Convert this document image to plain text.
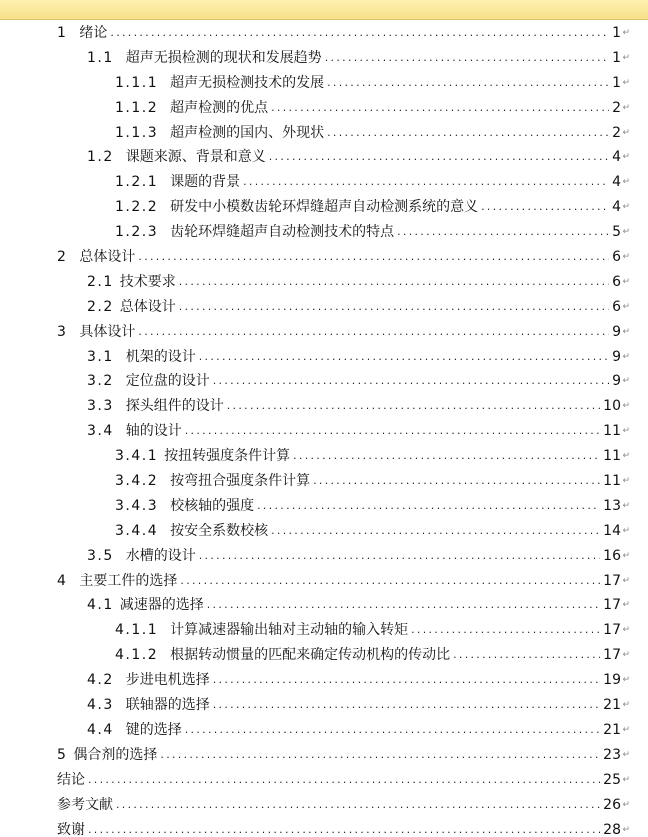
1 绪论 . . .	1 ↵
1.1 超声无损检测的现状和发展趋势 . . .	1 ↵
1.1.1 超声无损检测技术的发展 . . .	1 ↵
1.1.2 超声检测的优点 . . .	2 ↵
1.1.3 超声检测的国内、外现状 . . .	2 ↵
1.2 课题来源、背景和意义 . . .	4 ↵
1.2.1 课题的背景 . . .	4 ↵
1.2.2 研发中小模数齿轮环焊缝超声自动检测系统的意义 . . .	4 ↵
1.2.3 齿轮环焊缝超声自动检测技术的特点 . . .	5 ↵
2 总体设计 . . .	6 ↵
2.1 技术要求 . . .	6 ↵
2.2 总体设计 . . .	6 ↵
3 具体设计 . . .	9 ↵
3.1 机架的设计 . . .	9 ↵
3.2 定位盘的设计 . . .	9 ↵
3.3 探头组件的设计 . . .	10 ↵
3.4 轴的设计 . . .	11 ↵
3.4.1 按扭转强度条件计算 . . .	11 ↵
3.4.2 按弯扭合强度条件计算 . . .	11 ↵
3.4.3 校核轴的强度 . . .	13 ↵
3.4.4 按安全系数校核 . . .	14 ↵
3.5 水槽的设计 . . .	16 ↵
4 主要工件的选择 . . .	17 ↵
4.1 减速器的选择 . . .	17 ↵
4.1.1 计算减速器输出轴对主动轴的输入转矩 . . .	17 ↵
4.1.2 根据转动惯量的匹配来确定传动机构的传动比 . . .	17 ↵
4.2 步进电机选择 . . .	19 ↵
4.3 联轴器的选择 . . .	21 ↵
4.4 键的选择 . . .	21 ↵
5 偶合剂的选择 . . .	23 ↵
结论 . . .	25 ↵
参考文献 . . .	26 ↵
致谢 . . .	28 ↵
